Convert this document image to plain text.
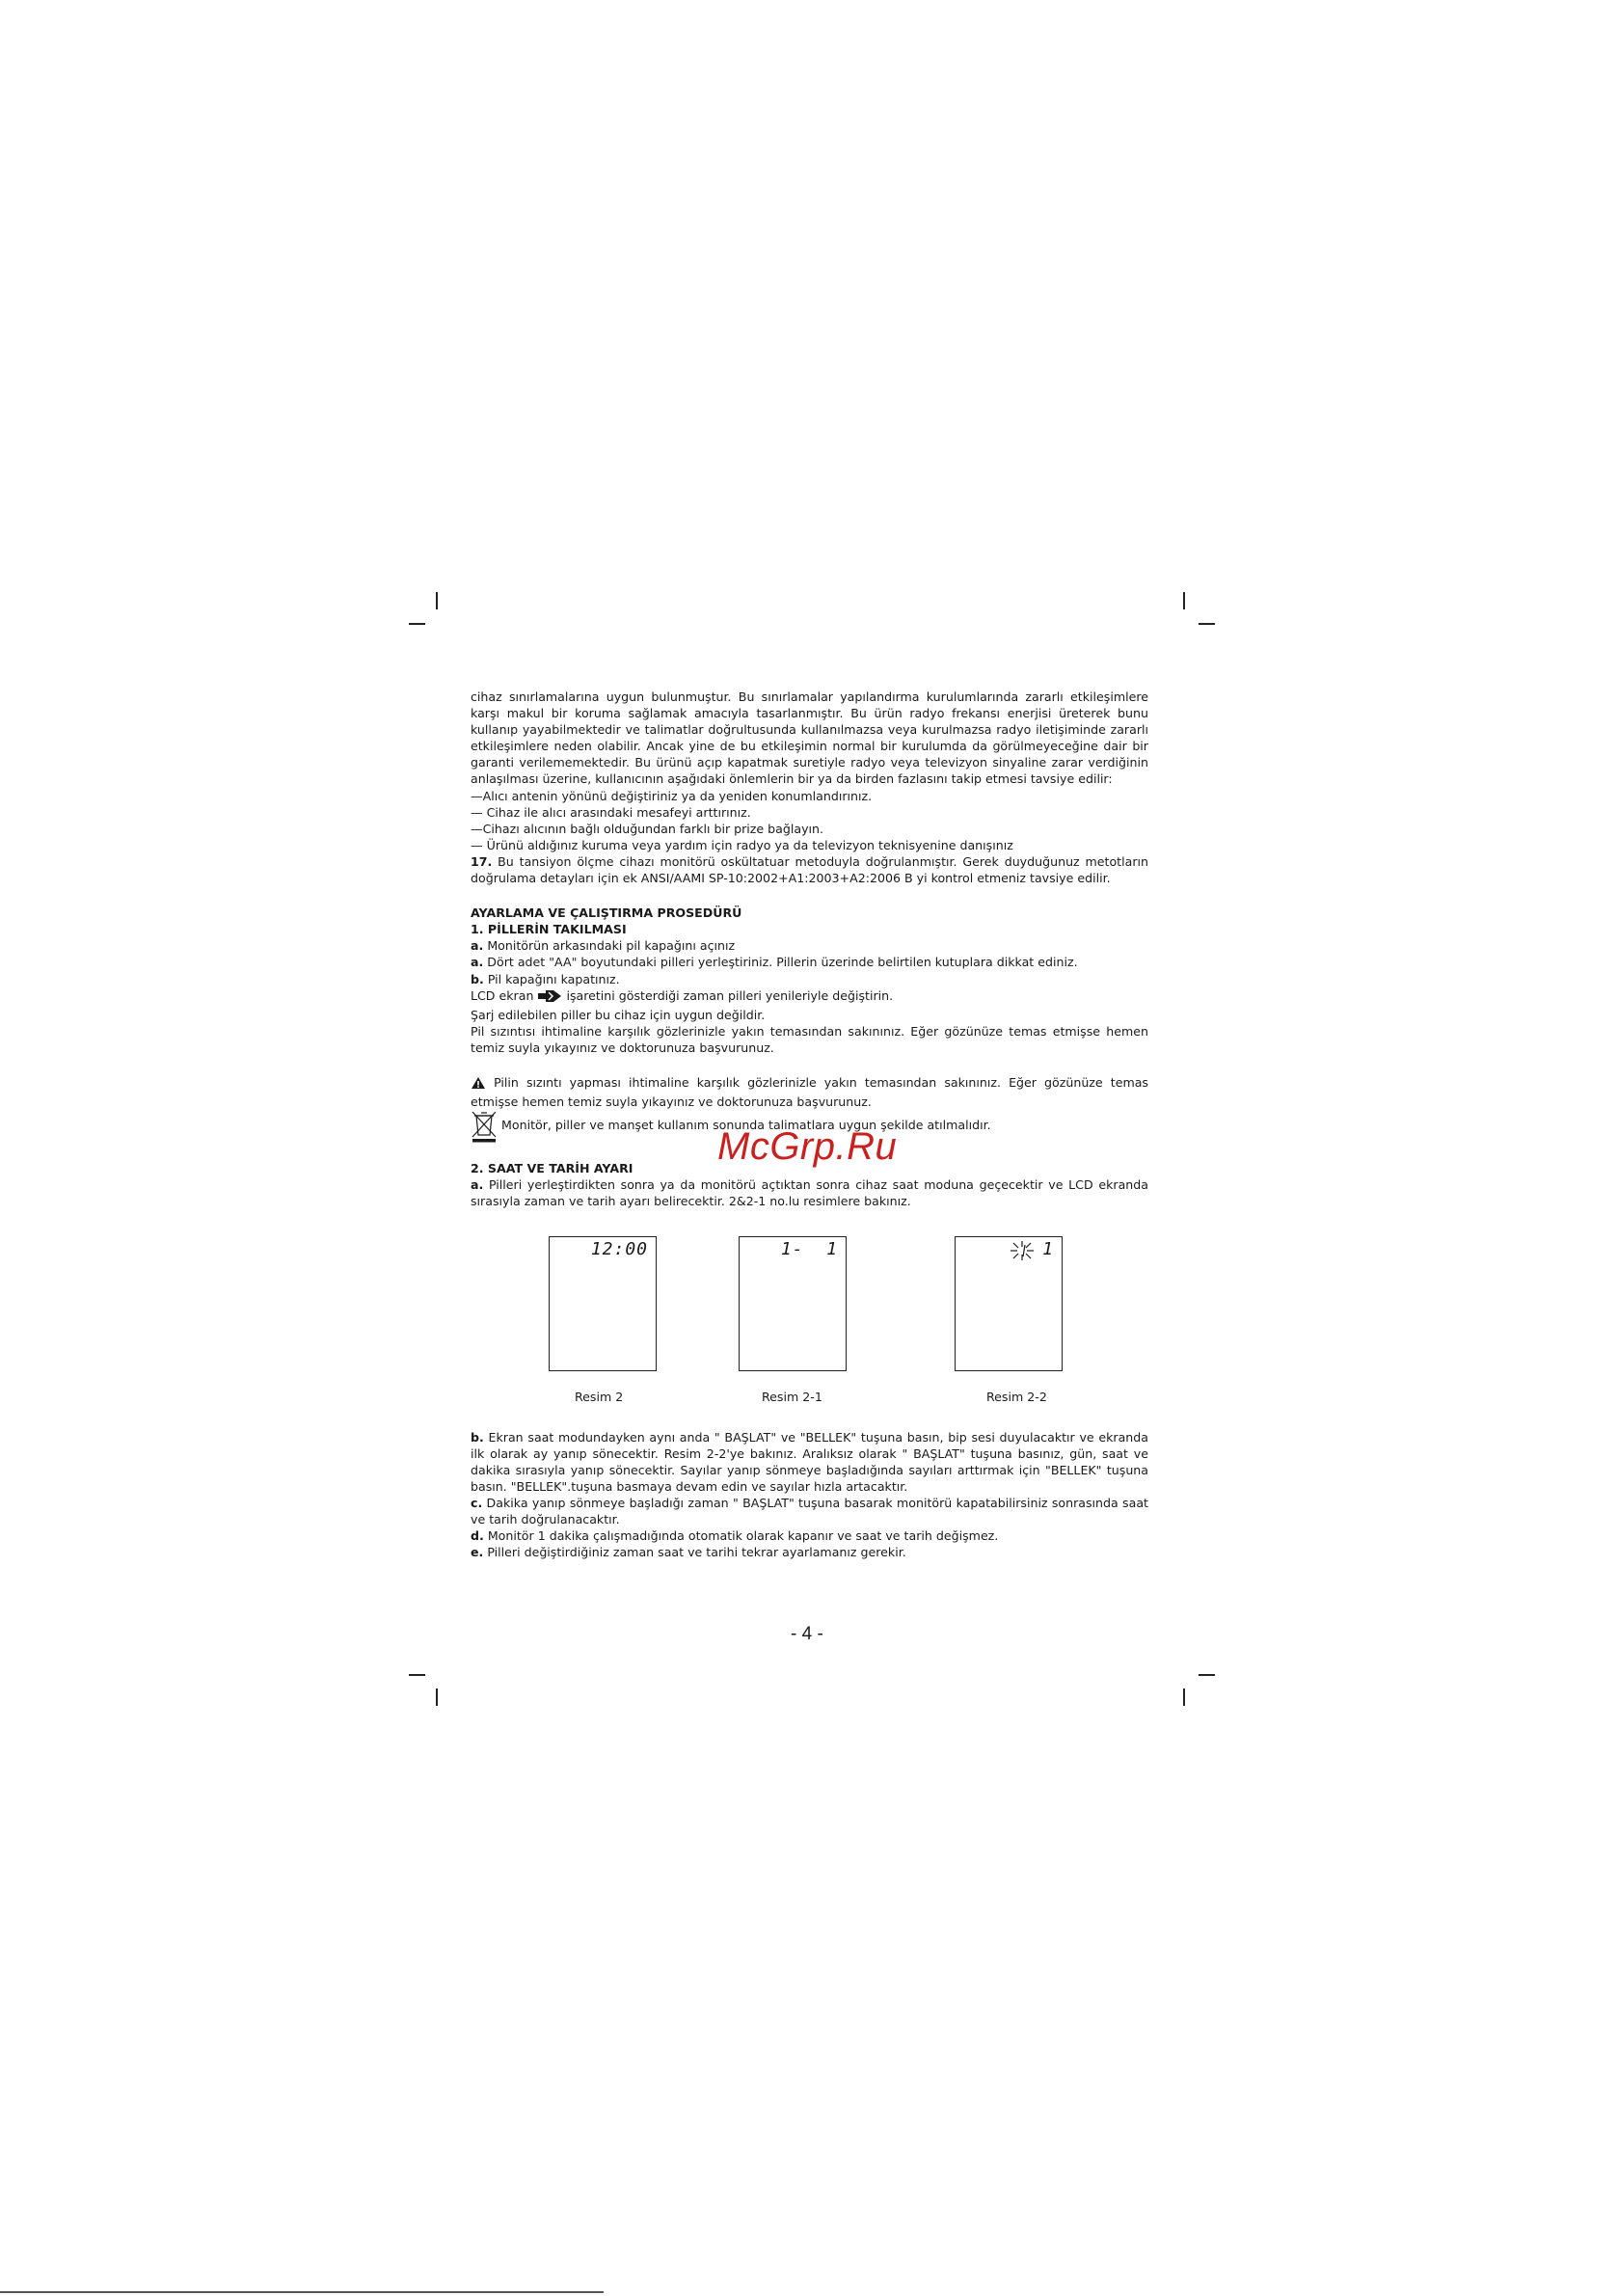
cihaz sınırlamalarına uygun bulunmuştur. Bu sınırlamalar yapılandırma kurulumlarında zararlı etkileşimlere karşı makul bir koruma sağlamak amacıyla tasarlanmıştır. Bu ürün radyo frekansı enerjisi üreterek bunu kullanıp yayabilmektedir ve talimatlar doğrultusunda kullanılmazsa veya kurulmazsa radyo iletişiminde zararlı etkileşimlere neden olabilir. Ancak yine de bu etkileşimin normal bir kurulumda da görülmeyeceğine dair bir garanti verilememektedir. Bu ürünü açıp kapatmak suretiyle radyo veya televizyon sinyaline zarar verdiğinin anlaşılması üzerine, kullanıcının aşağıdaki önlemlerin bir ya da birden fazlasını takip etmesi tavsiye edilir:

—Alıcı antenin yönünü değiştiriniz ya da yeniden konumlandırınız.

— Cihaz ile alıcı arasındaki mesafeyi arttırınız.

—Cihazı alıcının bağlı olduğundan farklı bir prize bağlayın.

— Ürünü aldığınız kuruma veya yardım için radyo ya da televizyon teknisyenine danışınız

17. Bu tansiyon ölçme cihazı monitörü oskültatuar metoduyla doğrulanmıştır. Gerek duyduğunuz metotların doğrulama detayları için ek ANSI/AAMI SP-10:2002+A1:2003+A2:2006 B yi kontrol etmeniz tavsiye edilir.

AYARLAMA VE ÇALIŞTIRMA PROSEDÜRÜ

1. PİLLERİN TAKILMASI

a. Monitörün arkasındaki pil kapağını açınız

a. Dört adet "AA" boyutundaki pilleri yerleştiriniz. Pillerin üzerinde belirtilen kutuplara dikkat ediniz.

b. Pil kapağını kapatınız.

LCD ekran  işaretini gösterdiği zaman pilleri yenileriyle değiştirin.

Şarj edilebilen piller bu cihaz için uygun değildir.

Pil sızıntısı ihtimaline karşılık gözlerinizle yakın temasından sakınınız. Eğer gözünüze temas etmişse hemen temiz suyla yıkayınız ve doktorunuza başvurunuz.

Pilin sızıntı yapması ihtimaline karşılık gözlerinizle yakın temasından sakınınız. Eğer gözünüze temas etmişse hemen temiz suyla yıkayınız ve doktorunuza başvurunuz.

Monitör, piller ve manşet kullanım sonunda talimatlara uygun şekilde atılmalıdır.

2. SAAT VE TARİH AYARI

a. Pilleri yerleştirdikten sonra ya da monitörü açtıktan sonra cihaz saat moduna geçecektir ve LCD ekranda sırasıyla zaman ve tarih ayarı belirecektir. 2&2-1 no.lu resimlere bakınız.

12:00	1-  1	1
Resim 2	Resim 2-1	Resim 2-2

b. Ekran saat modundayken aynı anda " BAŞLAT" ve "BELLEK" tuşuna basın, bip sesi duyulacaktır ve ekranda ilk olarak ay yanıp sönecektir. Resim 2-2'ye bakınız. Aralıksız olarak " BAŞLAT" tuşuna basınız, gün, saat ve dakika sırasıyla yanıp sönecektir. Sayılar yanıp sönmeye başladığında sayıları arttırmak için "BELLEK" tuşuna basın. "BELLEK".tuşuna basmaya devam edin ve sayılar hızla artacaktır.

c. Dakika yanıp sönmeye başladığı zaman " BAŞLAT" tuşuna basarak monitörü kapatabilirsiniz sonrasında saat ve tarih doğrulanacaktır.

d. Monitör 1 dakika çalışmadığında otomatik olarak kapanır ve saat ve tarih değişmez.

e. Pilleri değiştirdiğiniz zaman saat ve tarihi tekrar ayarlamanız gerekir.

McGrp.Ru
- 4 -
